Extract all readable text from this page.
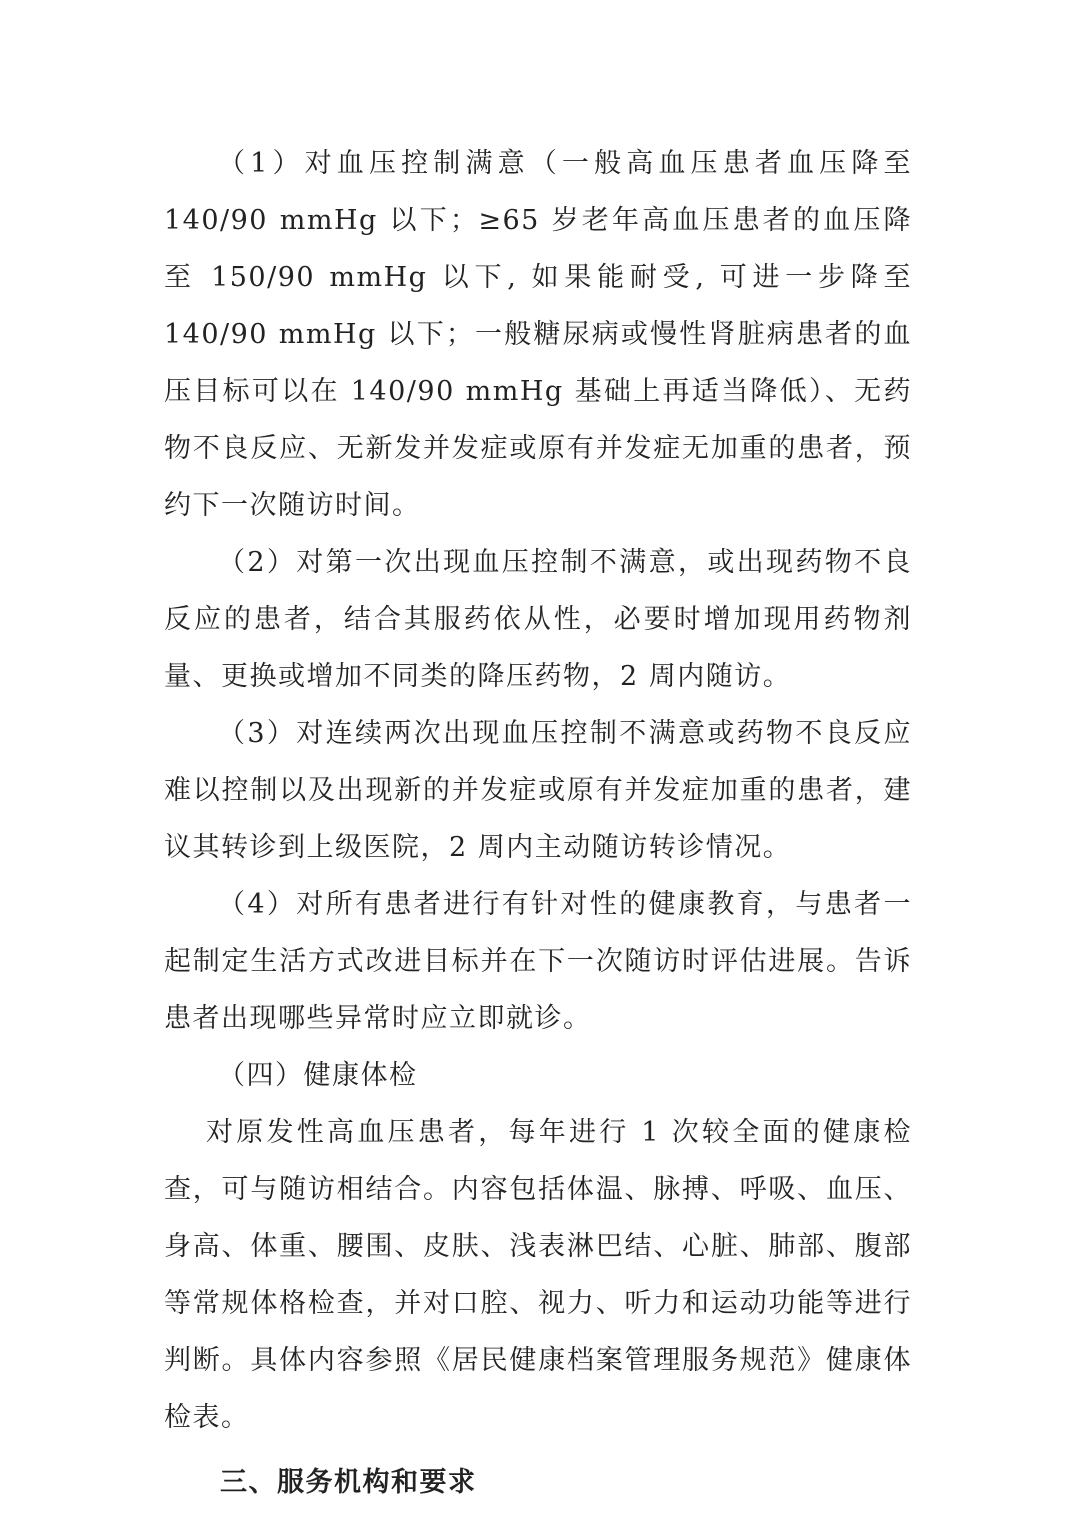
（1）对血压控制满意（一般高血压患者血压降至 140/90 mmHg 以下；≥65 岁老年高血压患者的血压降至 150/90 mmHg 以下, 如果能耐受, 可进一步降至 140/90 mmHg 以下；一般糖尿病或慢性肾脏病患者的血压目标可以在 140/90 mmHg 基础上再适当降低）、无药物不良反应、无新发并发症或原有并发症无加重的患者，预约下一次随访时间。

（2）对第一次出现血压控制不满意，或出现药物不良反应的患者，结合其服药依从性，必要时增加现用药物剂量、更换或增加不同类的降压药物，2 周内随访。

（3）对连续两次出现血压控制不满意或药物不良反应难以控制以及出现新的并发症或原有并发症加重的患者，建议其转诊到上级医院，2 周内主动随访转诊情况。

（4）对所有患者进行有针对性的健康教育，与患者一起制定生活方式改进目标并在下一次随访时评估进展。告诉患者出现哪些异常时应立即就诊。

（四）健康体检

对原发性高血压患者，每年进行 1 次较全面的健康检查，可与随访相结合。内容包括体温、脉搏、呼吸、血压、身高、体重、腰围、皮肤、浅表淋巴结、心脏、肺部、腹部等常规体格检查，并对口腔、视力、听力和运动功能等进行判断。具体内容参照《居民健康档案管理服务规范》健康体检表。

三、服务机构和要求
